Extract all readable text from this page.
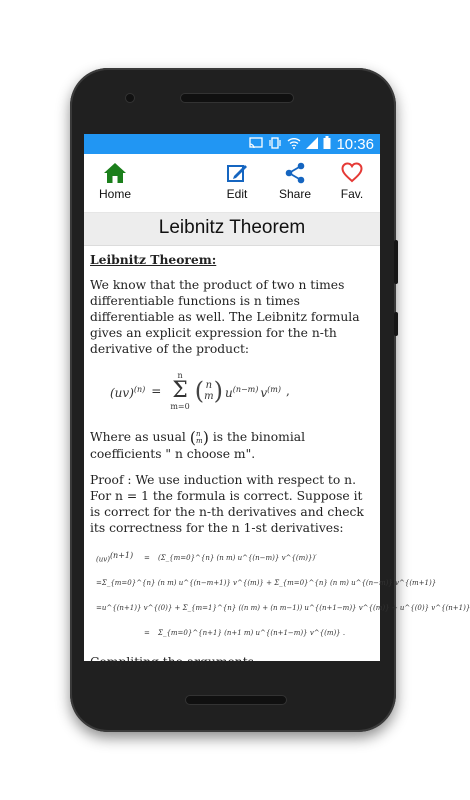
10:36
Home	Edit	Share	Fav.
Leibnitz Theorem

Leibnitz Theorem:

We know that the product of two n times differentiable functions is n times differentiable as well. The Leibnitz formula gives an explicit expression for the n-th derivative of the product:

(uv)$^{(n)}$ =
n
Σ
m=0
( n
m ) $u^{(n-m)}$ $v^{(m)}$ ,

Where as usual ( n
m ) is the binomial coefficients " n choose m".

Proof : We use induction with respect to n. For n = 1 the formula is correct. Suppose it is correct for the n-th derivatives and check its correctness for the n 1-st derivatives:

(uv)$^{(n+1)}$	=	(Σ_{m=0}^{n} (n m) u^{(n−m)} v^{(m)})′
= Σ_{m=0}^{n} (n m) u^{(n−m+1)} v^{(m)} + Σ_{m=0}^{n} (n m) u^{(n−m)} v^{(m+1)}
= u^{(n+1)} v^{(0)} + Σ_{m=1}^{n} ((n m) + (n m−1)) u^{(n+1−m)} v^{(m)} + u^{(0)} v^{(n+1)}
=	Σ_{m=0}^{n+1} (n+1 m) u^{(n+1−m)} v^{(m)} .

Compliting the arguments.
